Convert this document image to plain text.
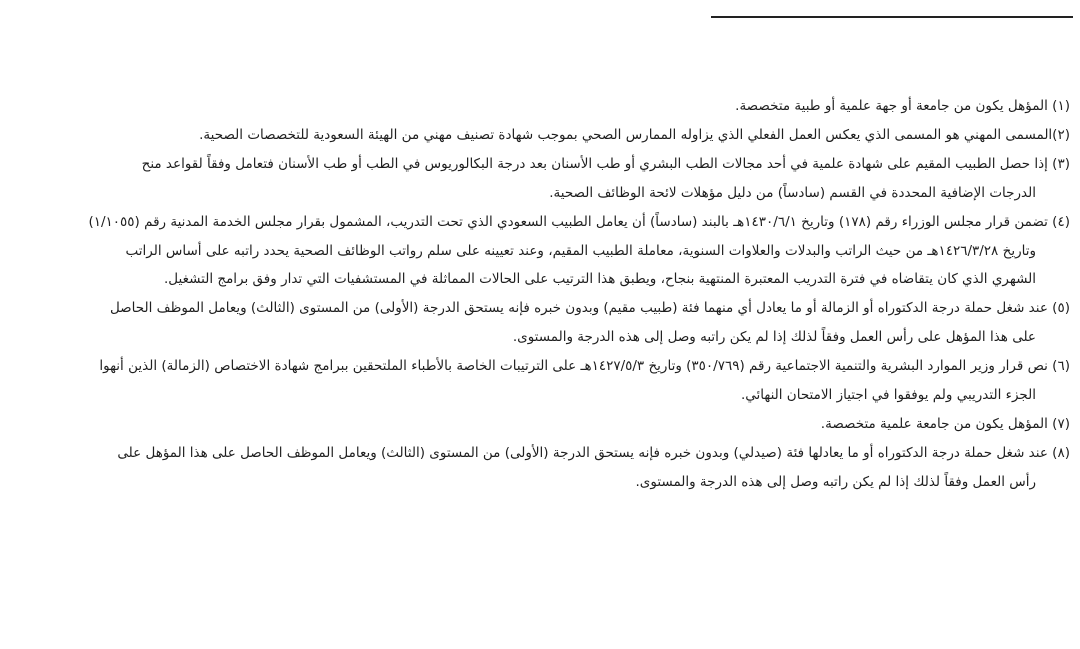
(١) المؤهل يكون من جامعة أو جهة علمية أو طبية متخصصة.

(٢)المسمى المهني هو المسمى الذي يعكس العمل الفعلي الذي يزاوله الممارس الصحي بموجب شهادة تصنيف مهني من الهيئة السعودية للتخصصات الصحية.

(٣) إذا حصل الطبيب المقيم على شهادة علمية في أحد مجالات الطب البشري أو طب الأسنان بعد درجة البكالوريوس في الطب أو طب الأسنان فتعامل وفقاً لقواعد منح

الدرجات الإضافية المحددة في القسم (سادساً) من دليل مؤهلات لائحة الوظائف الصحية.

(٤) تضمن قرار مجلس الوزراء رقم (١٧٨) وتاريخ ١٤٣٠/٦/١هـ بالبند (سادساً) أن يعامل الطبيب السعودي الذي تحت التدريب، المشمول بقرار مجلس الخدمة المدنية رقم (١/١٠٥٥)

وتاريخ ١٤٢٦/٣/٢٨هـ من حيث الراتب والبدلات والعلاوات السنوية، معاملة الطبيب المقيم، وعند تعيينه على سلم رواتب الوظائف الصحية يحدد راتبه على أساس الراتب

الشهري الذي كان يتقاضاه في فترة التدريب المعتبرة المنتهية بنجاح، ويطبق هذا الترتيب على الحالات المماثلة في المستشفيات التي تدار وفق برامج التشغيل.

(٥) عند شغل حملة درجة الدكتوراه أو الزمالة أو ما يعادل أي منهما فئة (طبيب مقيم) وبدون خبره فإنه يستحق الدرجة (الأولى) من المستوى (الثالث) ويعامل الموظف الحاصل

على هذا المؤهل على رأس العمل وفقاً لذلك إذا لم يكن راتبه وصل إلى هذه الدرجة والمستوى.

(٦) نص قرار وزير الموارد البشرية والتنمية الاجتماعية رقم (٣٥٠/٧٦٩) وتاريخ ١٤٢٧/٥/٣هـ على الترتيبات الخاصة بالأطباء الملتحقين ببرامج شهادة الاختصاص (الزمالة) الذين أنهوا

الجزء التدريبي ولم يوفقوا في اجتياز الامتحان النهائي.

(٧) المؤهل يكون من جامعة علمية متخصصة.

(٨) عند شغل حملة درجة الدكتوراه أو ما يعادلها فئة (صيدلي) وبدون خبره فإنه يستحق الدرجة (الأولى) من المستوى (الثالث) ويعامل الموظف الحاصل على هذا المؤهل على

رأس العمل وفقاً لذلك إذا لم يكن راتبه وصل إلى هذه الدرجة والمستوى.
